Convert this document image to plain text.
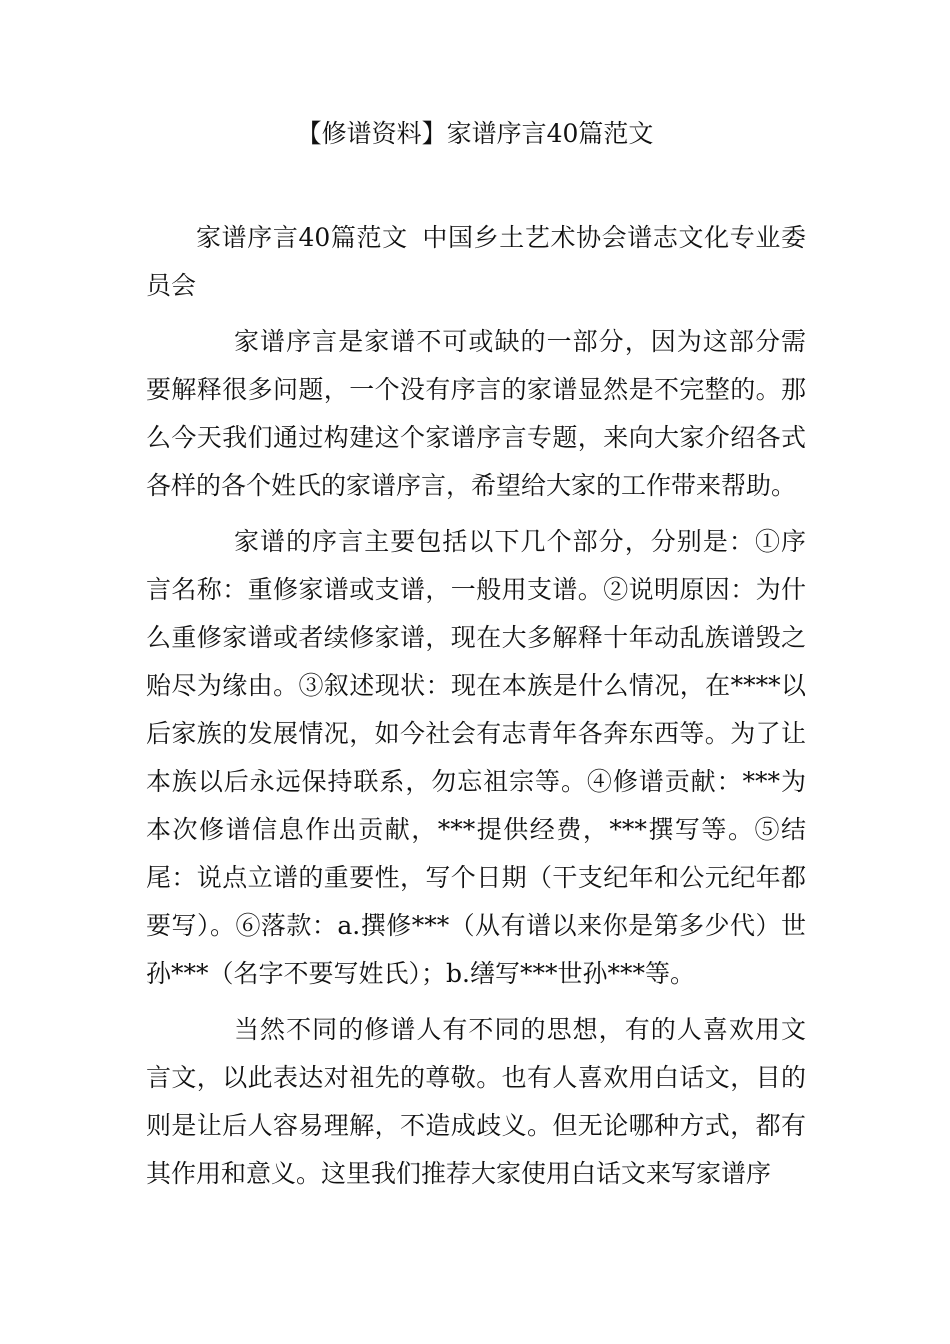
【修谱资料】家谱序言40篇范文

家谱序言40篇范文 中国乡土艺术协会谱志文化专业委员会

家谱序言是家谱不可或缺的一部分，因为这部分需要解释很多问题，一个没有序言的家谱显然是不完整的。那么今天我们通过构建这个家谱序言专题，来向大家介绍各式各样的各个姓氏的家谱序言，希望给大家的工作带来帮助。

家谱的序言主要包括以下几个部分，分别是：①序言名称：重修家谱或支谱，一般用支谱。②说明原因：为什么重修家谱或者续修家谱，现在大多解释十年动乱族谱毁之贻尽为缘由。③叙述现状：现在本族是什么情况，在****以后家族的发展情况，如今社会有志青年各奔东西等。为了让本族以后永远保持联系，勿忘祖宗等。④修谱贡献：***为本次修谱信息作出贡献，***提供经费，***撰写等。⑤结尾：说点立谱的重要性，写个日期（干支纪年和公元纪年都要写）。⑥落款：a.撰修***（从有谱以来你是第多少代）世孙***（名字不要写姓氏）；b.缮写***世孙***等。

当然不同的修谱人有不同的思想，有的人喜欢用文言文，以此表达对祖先的尊敬。也有人喜欢用白话文，目的则是让后人容易理解，不造成歧义。但无论哪种方式，都有其作用和意义。这里我们推荐大家使用白话文来写家谱序
